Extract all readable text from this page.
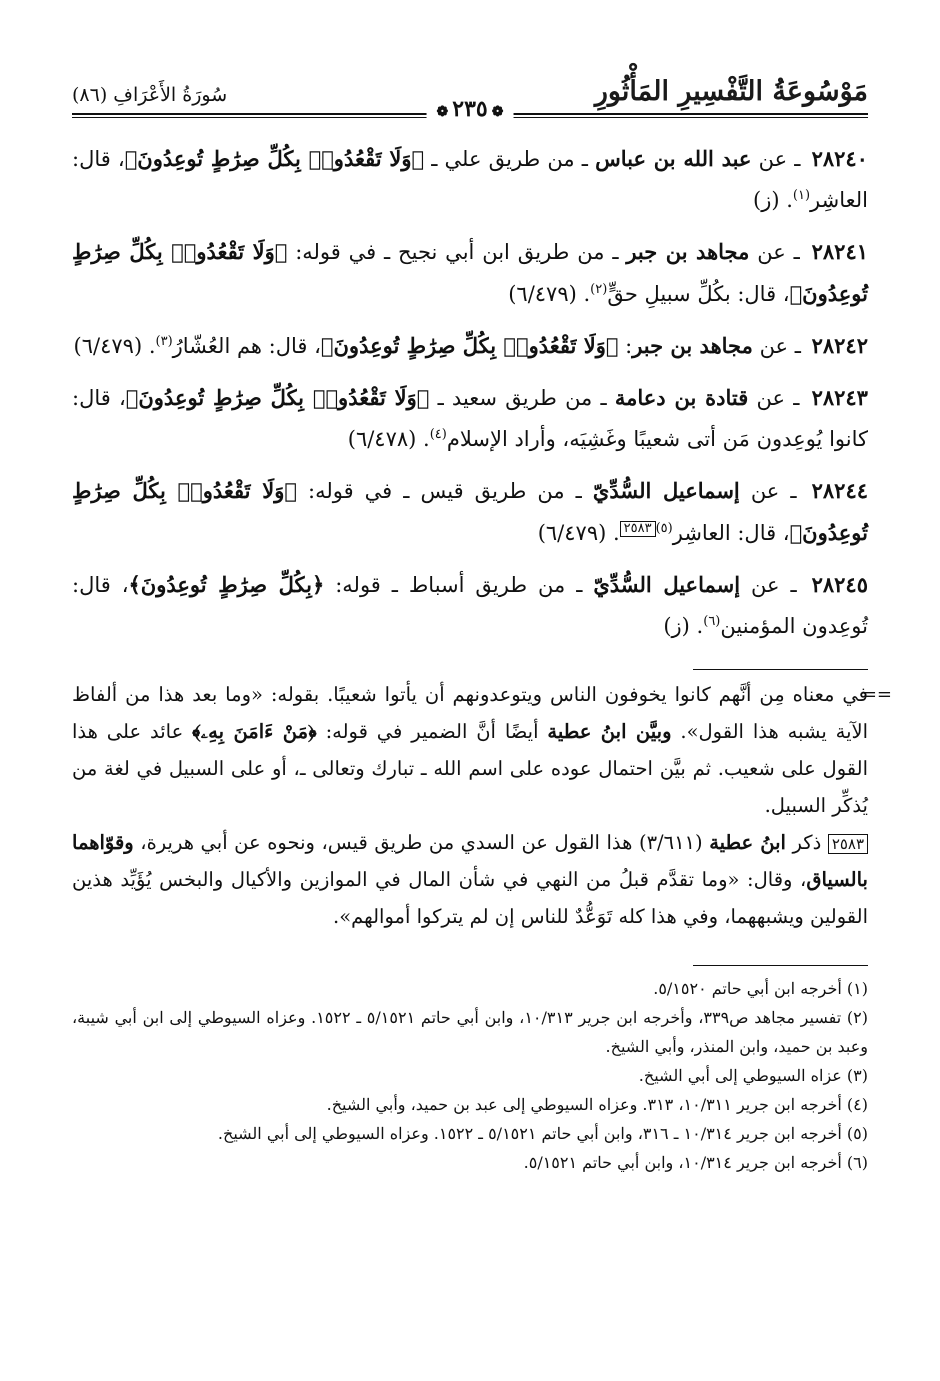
مَوْسُوعَةُ التَّفْسِيرِ المَأْثُورِ
❁٢٣٥❁
سُورَةُ الأَعْرَافِ (٨٦)
٢٨٢٤٠ ـ عن عبد الله بن عباس ـ من طريق علي ـ ﴿وَلَا تَقْعُدُوا۟ بِكُلِّ صِرَٰطٍ تُوعِدُونَ﴾، قال: العاشِر$^{(١)}$. (ز)
٢٨٢٤١ ـ عن مجاهد بن جبر ـ من طريق ابن أبي نجيح ـ في قوله: ﴿وَلَا تَقْعُدُوا۟ بِكُلِّ صِرَٰطٍ تُوعِدُونَ﴾، قال: بكُلِّ سبيلِ حقٍّ$^{(٢)}$. (٦/٤٧٩)
٢٨٢٤٢ ـ عن مجاهد بن جبر: ﴿وَلَا تَقْعُدُوا۟ بِكُلِّ صِرَٰطٍ تُوعِدُونَ﴾، قال: هم العُشّارُ$^{(٣)}$. (٦/٤٧٩)
٢٨٢٤٣ ـ عن قتادة بن دعامة ـ من طريق سعيد ـ ﴿وَلَا تَقْعُدُوا۟ بِكُلِّ صِرَٰطٍ تُوعِدُونَ﴾، قال: كانوا يُوعِدون مَن أتى شعيبًا وغَشِيَه، وأراد الإسلام$^{(٤)}$. (٦/٤٧٨)
٢٨٢٤٤ ـ عن إسماعيل السُّدِّيّ ـ من طريق قيس ـ في قوله: ﴿وَلَا تَقْعُدُوا۟ بِكُلِّ صِرَٰطٍ تُوعِدُونَ﴾، قال: العاشِر$^{(٥)}$٢٥٨٣. (٦/٤٧٩)
٢٨٢٤٥ ـ عن إسماعيل السُّدِّيّ ـ من طريق أسباط ـ قوله: ﴿بِكُلِّ صِرَٰطٍ تُوعِدُونَ﴾، قال: تُوعِدون المؤمنين$^{(٦)}$. (ز)
==

في معناه مِن أنَّهم كانوا يخوفون الناس ويتوعدونهم أن يأتوا شعيبًا. بقوله: «وما بعد هذا من ألفاظ الآية يشبه هذا القول». وبيَّن ابنُ عطية أيضًا أنَّ الضمير في قوله: ﴿مَنْ ءَامَنَ بِهِۦ﴾ عائد على هذا القول على شعيب. ثم بيَّن احتمال عوده على اسم الله ـ تبارك وتعالى ـ، أو على السبيل في لغة من يُذكِّر السبيل.

٢٥٨٣ ذكر ابنُ عطية (٣/٦١١) هذا القول عن السدي من طريق قيس، ونحوه عن أبي هريرة، وقوّاهما بالسياق، وقال: «وما تقدَّم قبلُ من النهي في شأن المال في الموازين والأكيال والبخس يُؤَيِّد هذين القولين ويشبههما، وفي هذا كله تَوَعُّدٌ للناس إن لم يتركوا أموالهم».

(١) أخرجه ابن أبي حاتم ٥/١٥٢٠.

(٢) تفسير مجاهد ص٣٣٩، وأخرجه ابن جرير ١٠/٣١٣، وابن أبي حاتم ٥/١٥٢١ ـ ١٥٢٢. وعزاه السيوطي إلى ابن أبي شيبة، وعبد بن حميد، وابن المنذر، وأبي الشيخ.

(٣) عزاه السيوطي إلى أبي الشيخ.

(٤) أخرجه ابن جرير ١٠/٣١١، ٣١٣. وعزاه السيوطي إلى عبد بن حميد، وأبي الشيخ.

(٥) أخرجه ابن جرير ١٠/٣١٤ ـ ٣١٦، وابن أبي حاتم ٥/١٥٢١ ـ ١٥٢٢. وعزاه السيوطي إلى أبي الشيخ.

(٦) أخرجه ابن جرير ١٠/٣١٤، وابن أبي حاتم ٥/١٥٢١.
